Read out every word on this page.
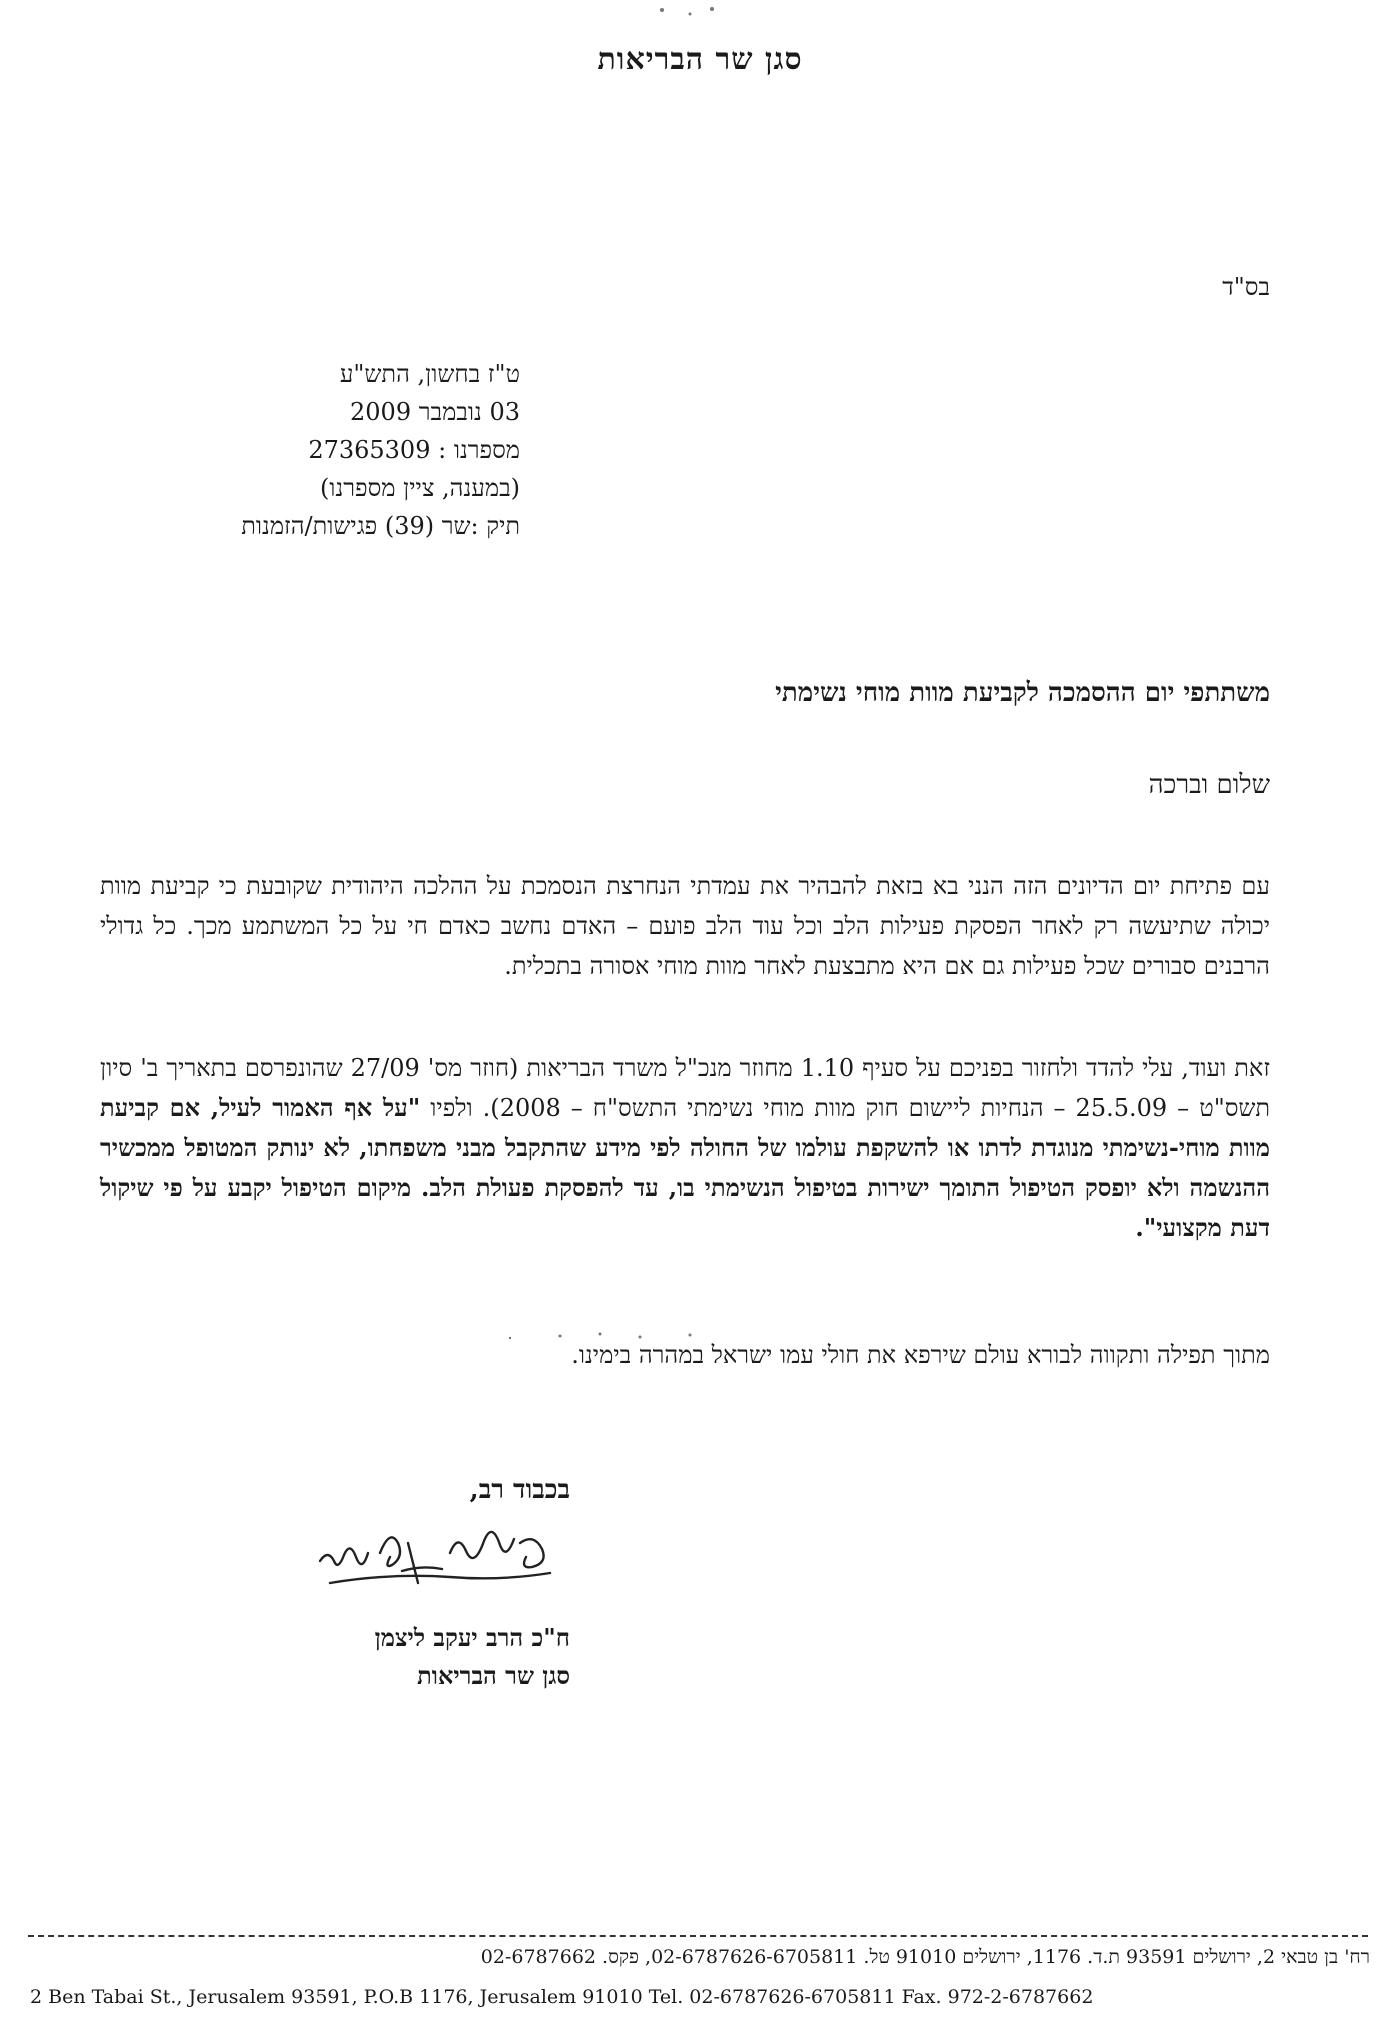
סגן שר הבריאות
בס"ד
ט"ז בחשון, התש"ע
03 נובמבר 2009
מספרנו : 27365309
(במענה, ציין מספרנו)
תיק :שר (39) פגישות/הזמנות
משתתפי יום ההסמכה לקביעת מוות מוחי נשימתי
שלום וברכה
עם פתיחת יום הדיונים הזה הנני בא בזאת להבהיר את עמדתי הנחרצת הנסמכת על ההלכה היהודית שקובעת כי קביעת מוות יכולה שתיעשה רק לאחר הפסקת פעילות הלב וכל עוד הלב פועם – האדם נחשב כאדם חי על כל המשתמע מכך. כל גדולי הרבנים סבורים שכל פעילות גם אם היא מתבצעת לאחר מוות מוחי אסורה בתכלית.
זאת ועוד, עלי להדד ולחזור בפניכם על סעיף 1.10 מחוזר מנכ"ל משרד הבריאות (חוזר מס' 27/09 שהונפרסם בתאריך ב' סיון תשס"ט – 25.5.09 – הנחיות ליישום חוק מוות מוחי נשימתי התשס"ח – 2008). ולפיו "על אף האמור לעיל, אם קביעת מוות מוחי-נשימתי מנוגדת לדתו או להשקפת עולמו של החולה לפי מידע שהתקבל מבני משפחתו, לא ינותק המטופל ממכשיר ההנשמה ולא יופסק הטיפול התומך ישירות בטיפול הנשימתי בו, עד להפסקת פעולת הלב. מיקום הטיפול יקבע על פי שיקול דעת מקצועי".
מתוך תפילה ותקווה לבורא עולם שירפא את חולי עמו ישראל במהרה בימינו.
בכבוד רב,
ח"כ הרב יעקב ליצמן
סגן שר הבריאות
רח' בן טבאי 2, ירושלים 93591 ת.ד. 1176, ירושלים 91010 טל. 02-6787626-6705811, פקס. 02-6787662
2 Ben Tabai St., Jerusalem 93591, P.O.B 1176, Jerusalem 91010 Tel. 02-6787626-6705811 Fax. 972-2-6787662
